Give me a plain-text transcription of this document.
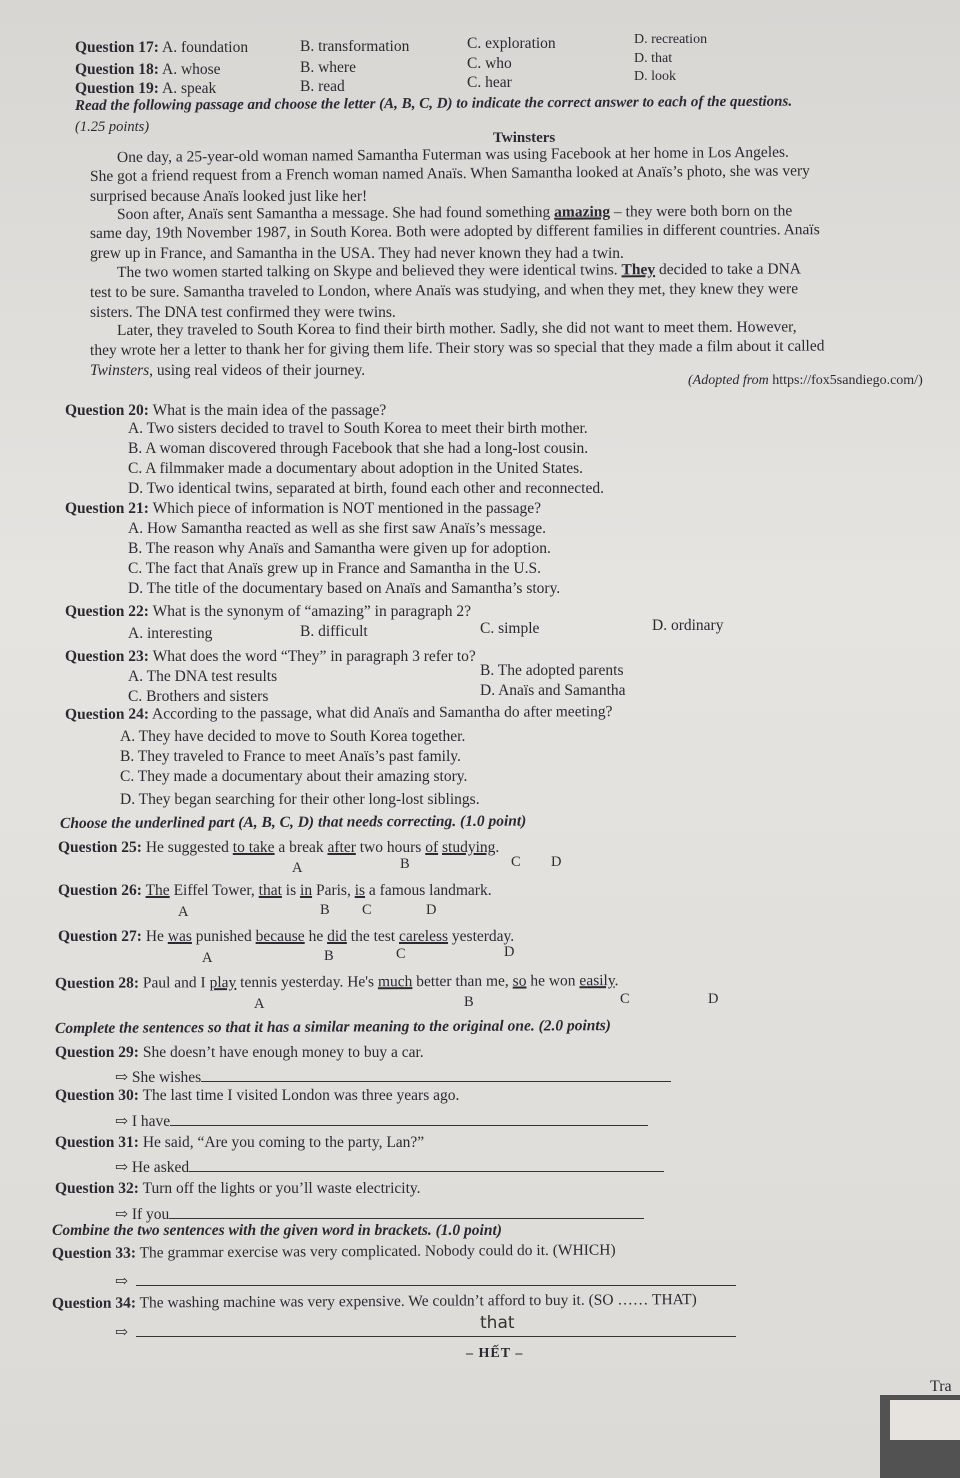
Question 17: A. foundation	B. transformation	C. exploration	D. recreation
Question 18: A. whose	B. where	C. who	D. that
Question 19: A. speak	B. read	C. hear	D. look
Read the following passage and choose the letter (A, B, C, D) to indicate the correct answer to each of the questions.
(1.25 points)
Twinsters
One day, a 25-year-old woman named Samantha Futerman was using Facebook at her home in Los Angeles.
She got a friend request from a French woman named Anaïs. When Samantha looked at Anaïs’s photo, she was very
surprised because Anaïs looked just like her!
Soon after, Anaïs sent Samantha a message. She had found something amazing – they were both born on the
same day, 19th November 1987, in South Korea. Both were adopted by different families in different countries. Anaïs
grew up in France, and Samantha in the USA. They had never known they had a twin.
The two women started talking on Skype and believed they were identical twins. They decided to take a DNA
test to be sure. Samantha traveled to London, where Anaïs was studying, and when they met, they knew they were
sisters. The DNA test confirmed they were twins.
Later, they traveled to South Korea to find their birth mother. Sadly, she did not want to meet them. However,
they wrote her a letter to thank her for giving them life. Their story was so special that they made a film about it called
Twinsters, using real videos of their journey.
(Adopted from https://fox5sandiego.com/)
Question 20: What is the main idea of the passage?
A. Two sisters decided to travel to South Korea to meet their birth mother.
B. A woman discovered through Facebook that she had a long-lost cousin.
C. A filmmaker made a documentary about adoption in the United States.
D. Two identical twins, separated at birth, found each other and reconnected.
Question 21: Which piece of information is NOT mentioned in the passage?
A. How Samantha reacted as well as she first saw Anaïs’s message.
B. The reason why Anaïs and Samantha were given up for adoption.
C. The fact that Anaïs grew up in France and Samantha in the U.S.
D. The title of the documentary based on Anaïs and Samantha’s story.
Question 22: What is the synonym of “amazing” in paragraph 2?
A. interesting	B. difficult	C. simple	D. ordinary
Question 23: What does the word “They” in paragraph 3 refer to?
A. The DNA test results	B. The adopted parents
C. Brothers and sisters	D. Anaïs and Samantha
Question 24: According to the passage, what did Anaïs and Samantha do after meeting?
A. They have decided to move to South Korea together.
B. They traveled to France to meet Anaïs’s past family.
C. They made a documentary about their amazing story.
D. They began searching for their other long-lost siblings.
Choose the underlined part (A, B, C, D) that needs correcting. (1.0 point)
Question 25: He suggested to take a break after two hours of studying.
A	B	C D
Question 26: The Eiffel Tower, that is in Paris, is a famous landmark.
A	B C	D
Question 27: He was punished because he did the test careless yesterday.
A	B	C	D
Question 28: Paul and I play tennis yesterday. He's much better than me, so he won easily.
A	B	C	D
Complete the sentences so that it has a similar meaning to the original one. (2.0 points)
Question 29: She doesn’t have enough money to buy a car.
⇨ She wishes
Question 30: The last time I visited London was three years ago.
⇨ I have
Question 31: He said, “Are you coming to the party, Lan?”
⇨ He asked
Question 32: Turn off the lights or you’ll waste electricity.
⇨ If you
Combine the two sentences with the given word in brackets. (1.0 point)
Question 33: The grammar exercise was very complicated. Nobody could do it. (WHICH)
⇨
Question 34: The washing machine was very expensive. We couldn’t afford to buy it. (SO …… THAT)
⇨	that
– HẾT –
Tra
